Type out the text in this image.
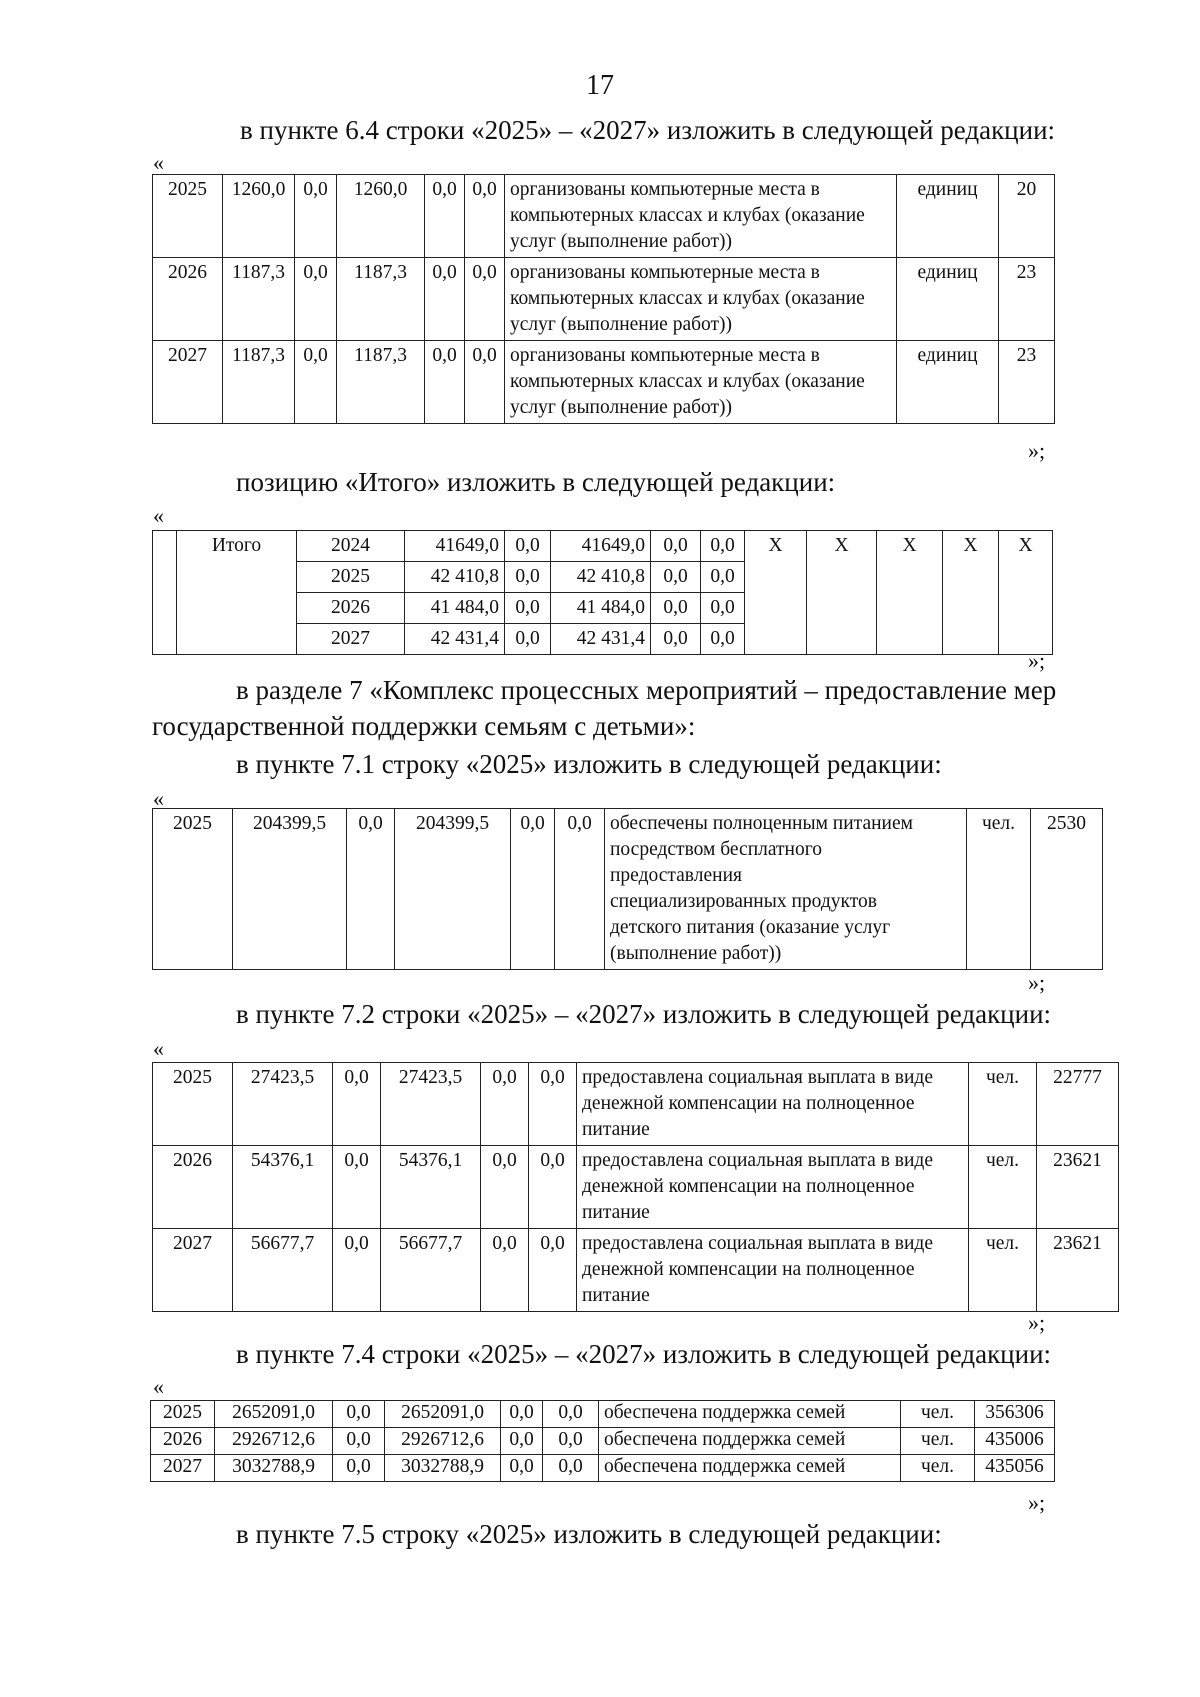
17
в пункте 6.4 строки «2025» – «2027» изложить в следующей редакции:
«
2025	1260,0	0,0	1260,0	0,0	0,0	организованы компьютерные места в компьютерных классах и клубах (оказание услуг (выполнение работ))	единиц	20
2026	1187,3	0,0	1187,3	0,0	0,0	организованы компьютерные места в компьютерных классах и клубах (оказание услуг (выполнение работ))	единиц	23
2027	1187,3	0,0	1187,3	0,0	0,0	организованы компьютерные места в компьютерных классах и клубах (оказание услуг (выполнение работ))	единиц	23
»;
позицию «Итого» изложить в следующей редакции:
«
	Итого	2024	41649,0	0,0	41649,0	0,0	0,0	Х	Х	Х	Х	Х
		2025	42 410,8	0,0	42 410,8	0,0	0,0					
		2026	41 484,0	0,0	41 484,0	0,0	0,0					
		2027	42 431,4	0,0	42 431,4	0,0	0,0					
»;
в разделе 7 «Комплекс процессных мероприятий – предоставление мер
государственной поддержки семьям с детьми»:
в пункте 7.1 строку «2025» изложить в следующей редакции:
«
2025	204399,5	0,0	204399,5	0,0	0,0	обеспечены полноценным питанием посредством бесплатного предоставления специализированных продуктов детского питания (оказание услуг (выполнение работ))	чел.	2530
»;
в пункте 7.2 строки «2025» – «2027» изложить в следующей редакции:
«
2025	27423,5	0,0	27423,5	0,0	0,0	предоставлена социальная выплата в виде денежной компенсации на полноценное питание	чел.	22777
2026	54376,1	0,0	54376,1	0,0	0,0	предоставлена социальная выплата в виде денежной компенсации на полноценное питание	чел.	23621
2027	56677,7	0,0	56677,7	0,0	0,0	предоставлена социальная выплата в виде денежной компенсации на полноценное питание	чел.	23621
»;
в пункте 7.4 строки «2025» – «2027» изложить в следующей редакции:
«
2025	2652091,0	0,0	2652091,0	0,0	0,0	обеспечена поддержка семей	чел.	356306
2026	2926712,6	0,0	2926712,6	0,0	0,0	обеспечена поддержка семей	чел.	435006
2027	3032788,9	0,0	3032788,9	0,0	0,0	обеспечена поддержка семей	чел.	435056
»;
в пункте 7.5 строку «2025» изложить в следующей редакции:
